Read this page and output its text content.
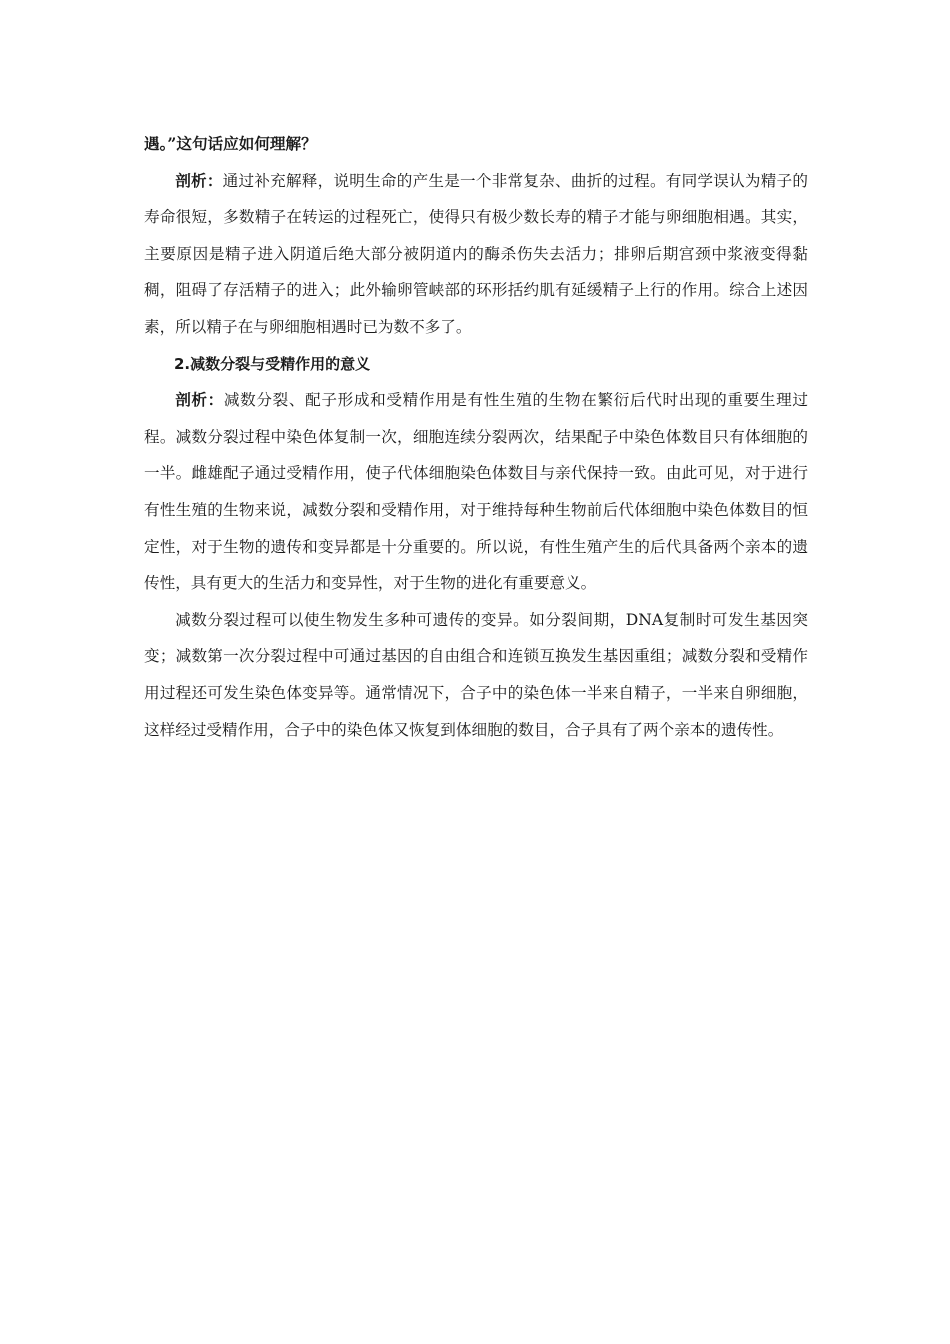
遇。”这句话应如何理解？

剖析：通过补充解释，说明生命的产生是一个非常复杂、曲折的过程。有同学误认为精子的寿命很短，多数精子在转运的过程死亡，使得只有极少数长寿的精子才能与卵细胞相遇。其实，主要原因是精子进入阴道后绝大部分被阴道内的酶杀伤失去活力；排卵后期宫颈中浆液变得黏稠，阻碍了存活精子的进入；此外输卵管峡部的环形括约肌有延缓精子上行的作用。综合上述因素，所以精子在与卵细胞相遇时已为数不多了。

2.减数分裂与受精作用的意义

剖析：减数分裂、配子形成和受精作用是有性生殖的生物在繁衍后代时出现的重要生理过程。减数分裂过程中染色体复制一次，细胞连续分裂两次，结果配子中染色体数目只有体细胞的一半。雌雄配子通过受精作用，使子代体细胞染色体数目与亲代保持一致。由此可见，对于进行有性生殖的生物来说，减数分裂和受精作用，对于维持每种生物前后代体细胞中染色体数目的恒定性，对于生物的遗传和变异都是十分重要的。所以说，有性生殖产生的后代具备两个亲本的遗传性，具有更大的生活力和变异性，对于生物的进化有重要意义。

减数分裂过程可以使生物发生多种可遗传的变异。如分裂间期，DNA复制时可发生基因突变；减数第一次分裂过程中可通过基因的自由组合和连锁互换发生基因重组；减数分裂和受精作用过程还可发生染色体变异等。通常情况下，合子中的染色体一半来自精子，一半来自卵细胞，这样经过受精作用，合子中的染色体又恢复到体细胞的数目，合子具有了两个亲本的遗传性。
